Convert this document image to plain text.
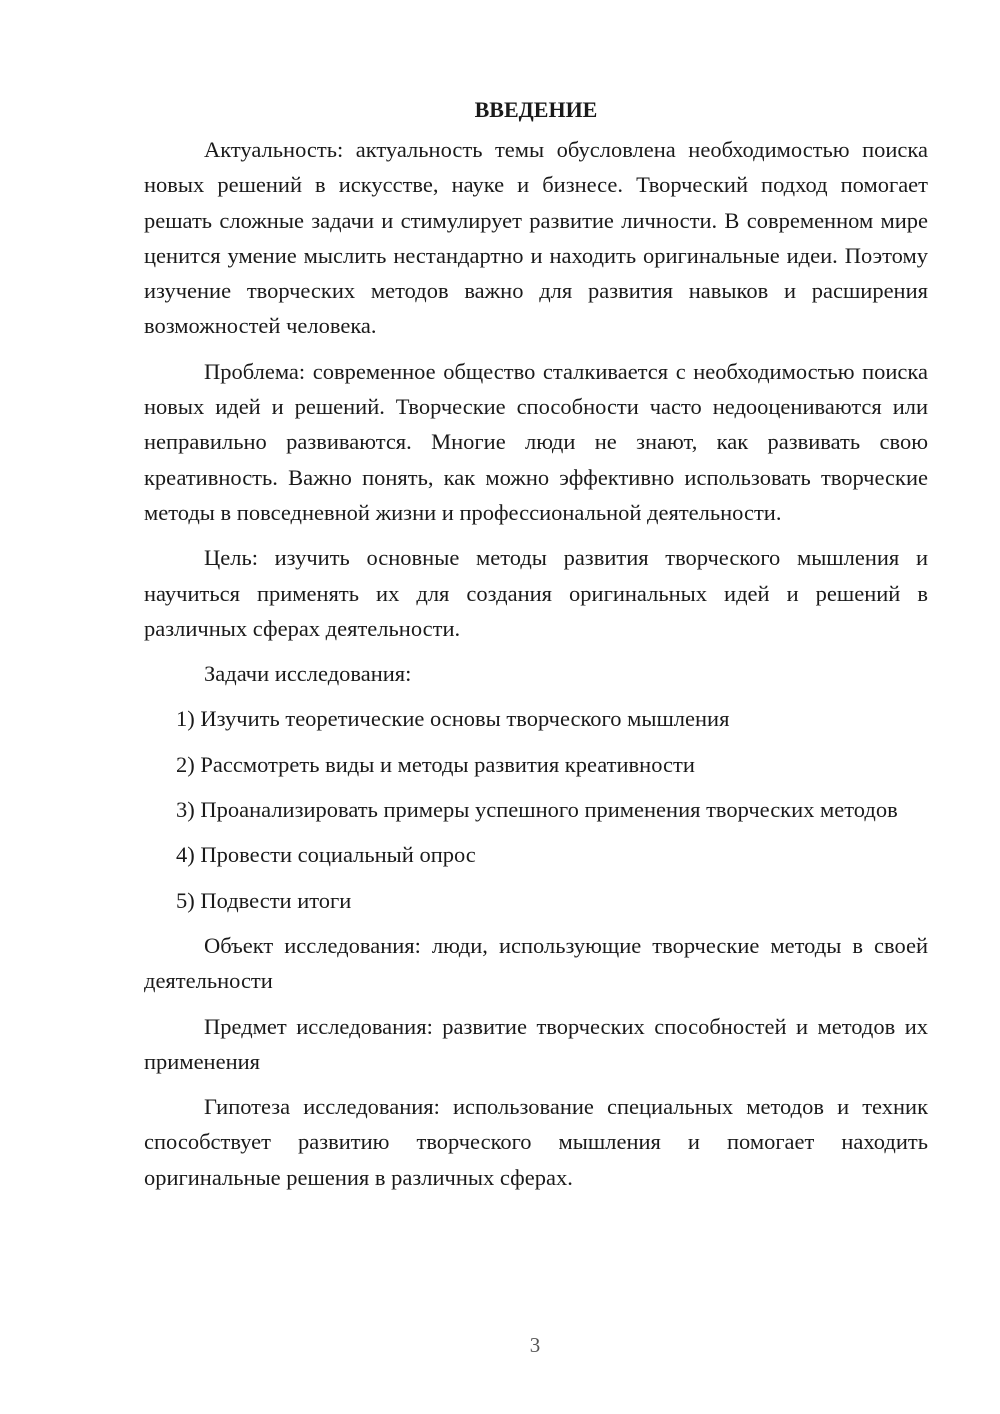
ВВЕДЕНИЕ

Актуальность: актуальность темы обусловлена необходимостью поиска новых решений в искусстве, науке и бизнесе. Творческий подход помогает решать сложные задачи и стимулирует развитие личности. В современном мире ценится умение мыслить нестандартно и находить оригинальные идеи. Поэтому изучение творческих методов важно для развития навыков и расширения возможностей человека.

Проблема: современное общество сталкивается с необходимостью поиска новых идей и решений. Творческие способности часто недооцениваются или неправильно развиваются. Многие люди не знают, как развивать свою креативность. Важно понять, как можно эффективно использовать творческие методы в повседневной жизни и профессиональной деятельности.

Цель: изучить основные методы развития творческого мышления и научиться применять их для создания оригинальных идей и решений в различных сферах деятельности.

Задачи исследования:

1) Изучить теоретические основы творческого мышления

2) Рассмотреть виды и методы развития креативности

3) Проанализировать примеры успешного применения творческих методов

4) Провести социальный опрос

5) Подвести итоги

Объект исследования: люди, использующие творческие методы в своей деятельности

Предмет исследования: развитие творческих способностей и методов их применения

Гипотеза исследования: использование специальных методов и техник способствует развитию творческого мышления и помогает находить оригинальные решения в различных сферах.

3
